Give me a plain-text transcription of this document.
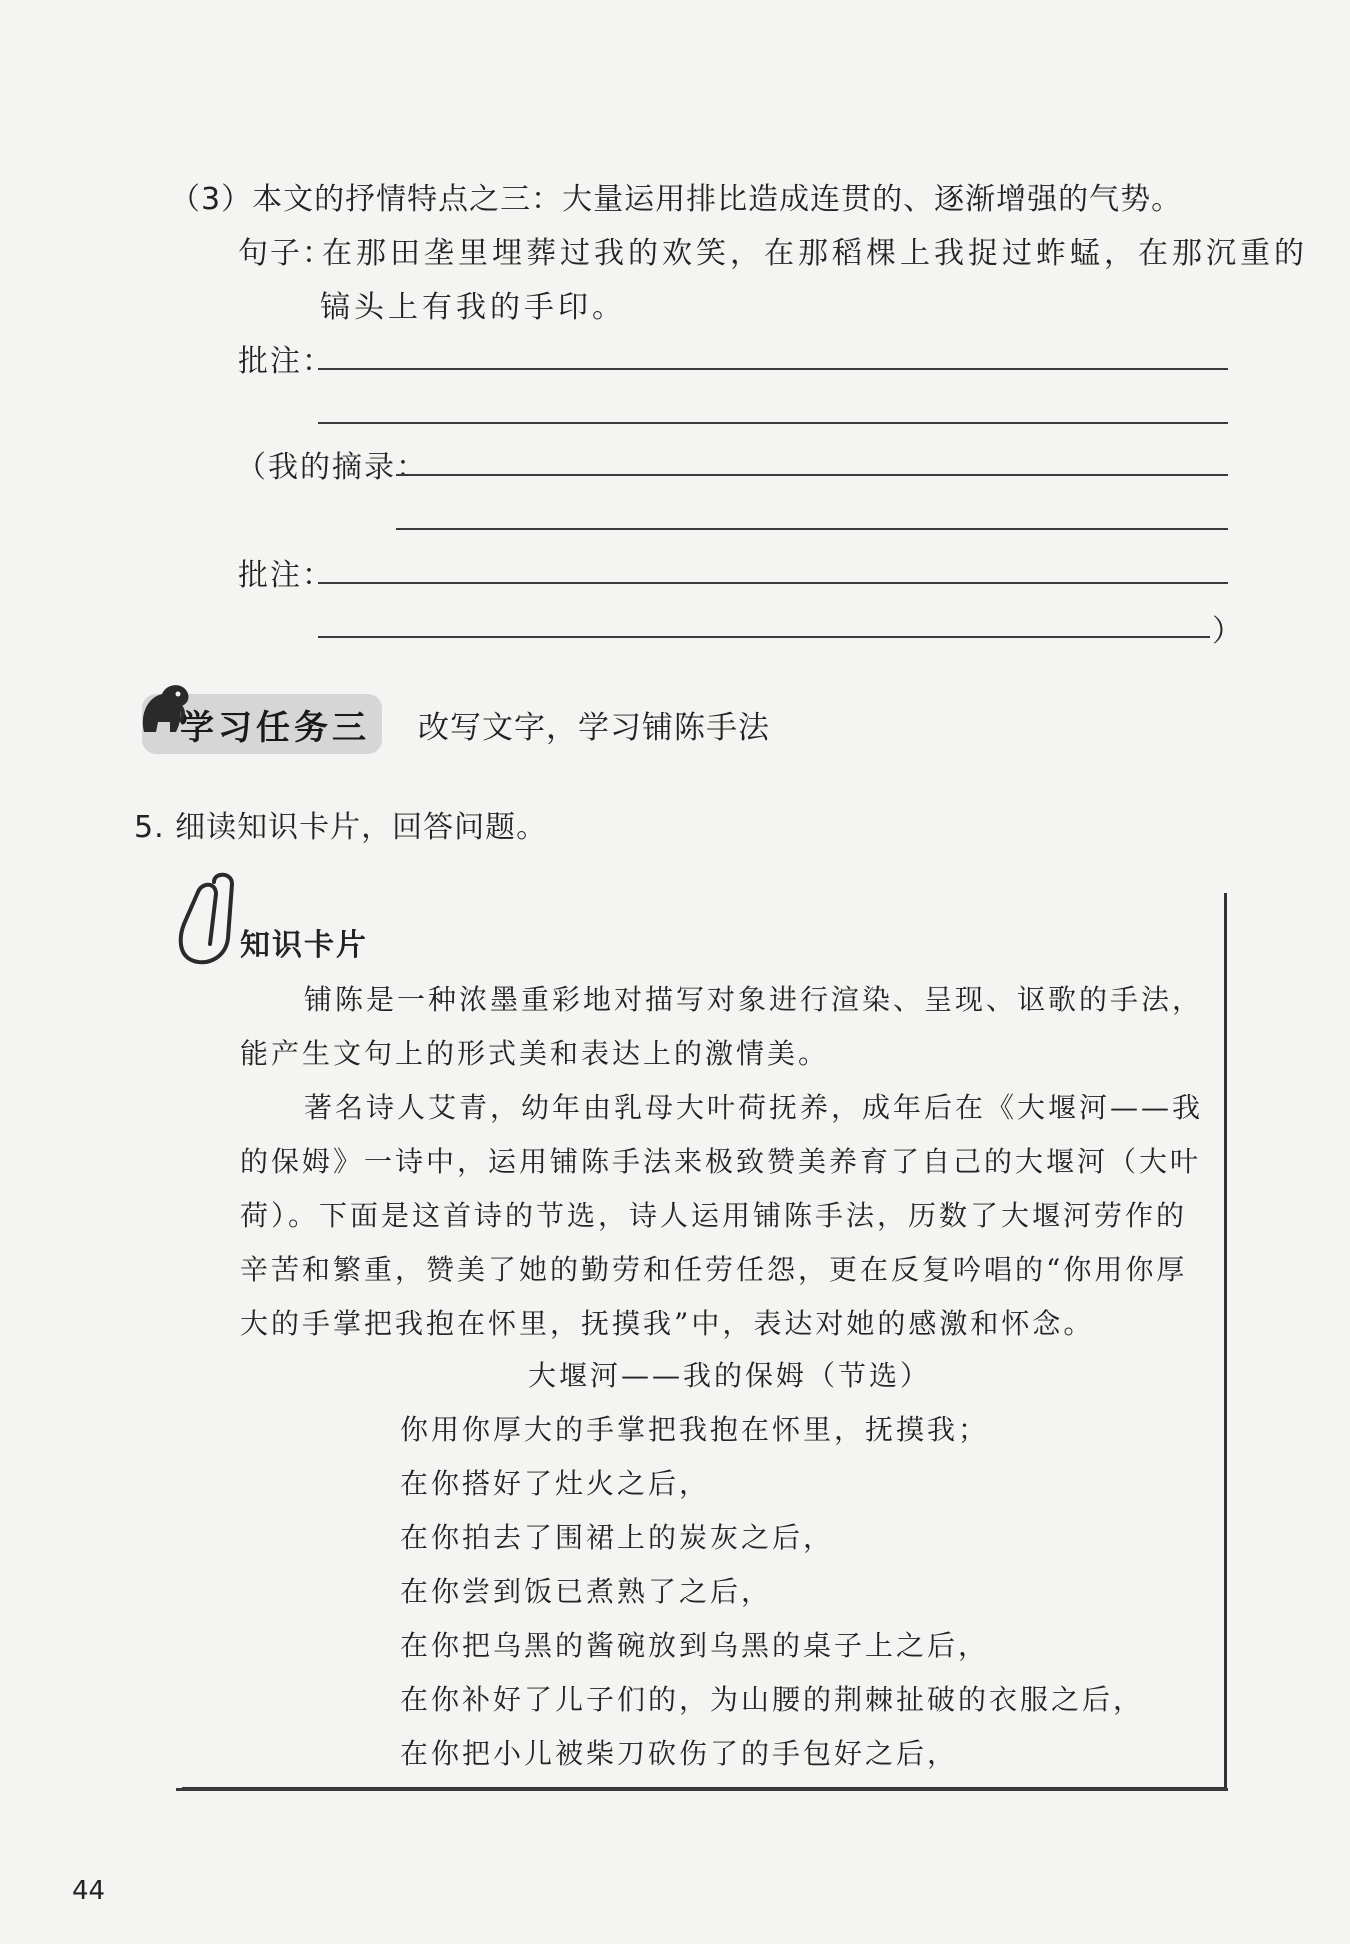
（3）本文的抒情特点之三：大量运用排比造成连贯的、逐渐增强的气势。
句子：
在那田垄里埋葬过我的欢笑，在那稻棵上我捉过蚱蜢，在那沉重的
镐头上有我的手印。
批注：
（我的摘录：
批注：
）
学习任务三 改写文字，学习铺陈手法
5. 细读知识卡片，回答问题。
知识卡片
铺陈是一种浓墨重彩地对描写对象进行渲染、呈现、讴歌的手法，
能产生文句上的形式美和表达上的激情美。
著名诗人艾青，幼年由乳母大叶荷抚养，成年后在《大堰河——我
的保姆》一诗中，运用铺陈手法来极致赞美养育了自己的大堰河（大叶
荷）。下面是这首诗的节选，诗人运用铺陈手法，历数了大堰河劳作的
辛苦和繁重，赞美了她的勤劳和任劳任怨，更在反复吟唱的“你用你厚
大的手掌把我抱在怀里，抚摸我”中，表达对她的感激和怀念。
大堰河——我的保姆（节选）
你用你厚大的手掌把我抱在怀里，抚摸我；
在你搭好了灶火之后，
在你拍去了围裙上的炭灰之后，
在你尝到饭已煮熟了之后，
在你把乌黑的酱碗放到乌黑的桌子上之后，
在你补好了儿子们的，为山腰的荆棘扯破的衣服之后，
在你把小儿被柴刀砍伤了的手包好之后，
44
